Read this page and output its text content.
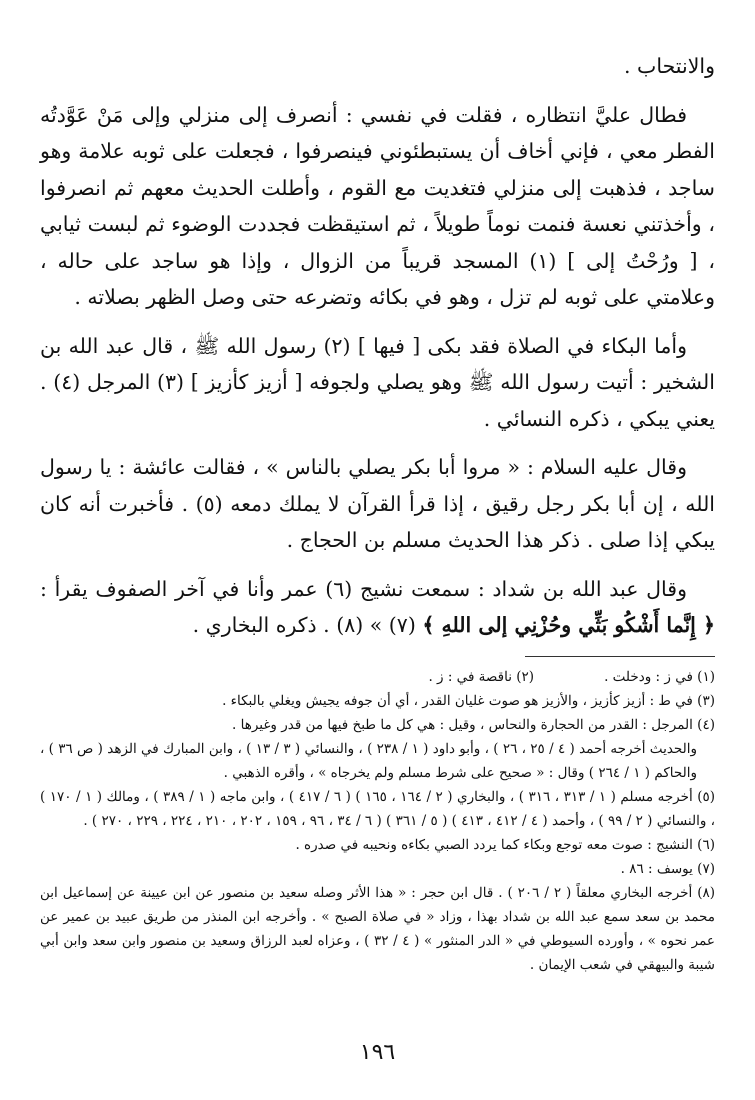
والانتحاب .

فطال عليَّ انتظاره ، فقلت في نفسي : أنصرف إلى منزلي وإلى مَنْ عَوَّدتُه الفطر معي ، فإني أخاف أن يستبطئوني فينصرفوا ، فجعلت على ثوبه علامة وهو ساجد ، فذهبت إلى منزلي فتغديت مع القوم ، وأطلت الحديث معهم ثم انصرفوا ، وأخذتني نعسة فنمت نوماً طويلاً ، ثم استيقظت فجددت الوضوء ثم لبست ثيابي ، [ ورُحْتُ إلى ] (١) المسجد قريباً من الزوال ، وإذا هو ساجد على حاله ، وعلامتي على ثوبه لم تزل ، وهو في بكائه وتضرعه حتى وصل الظهر بصلاته .

وأما البكاء في الصلاة فقد بكى [ فيها ] (٢) رسول الله ﷺ ، قال عبد الله بن الشخير : أتيت رسول الله ﷺ وهو يصلي ولجوفه [ أزيز كأزيز ] (٣) المرجل (٤) . يعني يبكي ، ذكره النسائي .

وقال عليه السلام : « مروا أبا بكر يصلي بالناس » ، فقالت عائشة : يا رسول الله ، إن أبا بكر رجل رقيق ، إذا قرأ القرآن لا يملك دمعه (٥) . فأخبرت أنه كان يبكي إذا صلى . ذكر هذا الحديث مسلم بن الحجاج .

وقال عبد الله بن شداد : سمعت نشيج (٦) عمر وأنا في آخر الصفوف يقرأ : ﴿ إِنَّما أَشْكُو بَثِّي وحُزْنِي إلى اللهِ ﴾ (٧) » (٨) . ذكره البخاري .

(١) في ز : ودخلت .
(٢) ناقصة في : ز .

(٣) في ط : أزيز كأزيز ، والأزيز هو صوت غليان القدر ، أي أن جوفه يجيش ويغلي بالبكاء .

(٤) المرجل : القدر من الحجارة والنحاس ، وقيل : هي كل ما طبخ فيها من قدر وغيرها .
والحديث أخرجه أحمد ( ٤ / ٢٥ ، ٢٦ ) ، وأبو داود ( ١ / ٢٣٨ ) ، والنسائي ( ٣ / ١٣ ) ، وابن المبارك في الزهد ( ص ٣٦ ) ، والحاكم ( ١ / ٢٦٤ ) وقال : « صحيح على شرط مسلم ولم يخرجاه » ، وأقره الذهبي .

(٥) أخرجه مسلم ( ١ / ٣١٣ ، ٣١٦ ) ، والبخاري ( ٢ / ١٦٤ ، ١٦٥ ) ( ٦ / ٤١٧ ) ، وابن ماجه ( ١ / ٣٨٩ ) ، ومالك ( ١ / ١٧٠ ) ، والنسائي ( ٢ / ٩٩ ) ، وأحمد ( ٤ / ٤١٢ ، ٤١٣ ) ( ٥ / ٣٦١ ) ( ٦ / ٣٤ ، ٩٦ ، ١٥٩ ، ٢٠٢ ، ٢١٠ ، ٢٢٤ ، ٢٢٩ ، ٢٧٠ ) .

(٦) النشيج : صوت معه توجع وبكاء كما يردد الصبي بكاءه ونحيبه في صدره .

(٧) يوسف : ٨٦ .

(٨) أخرجه البخاري معلقاً ( ٢ / ٢٠٦ ) . قال ابن حجر : « هذا الأثر وصله سعيد بن منصور عن ابن عيينة عن إسماعيل ابن محمد بن سعد سمع عبد الله بن شداد بهذا ، وزاد « في صلاة الصبح » . وأخرجه ابن المنذر من طريق عبيد بن عمير عن عمر نحوه » ، وأورده السيوطي في « الدر المنثور » ( ٤ / ٣٢ ) ، وعزاه لعبد الرزاق وسعيد بن منصور وابن سعد وابن أبي شيبة والبيهقي في شعب الإيمان .

١٩٦
